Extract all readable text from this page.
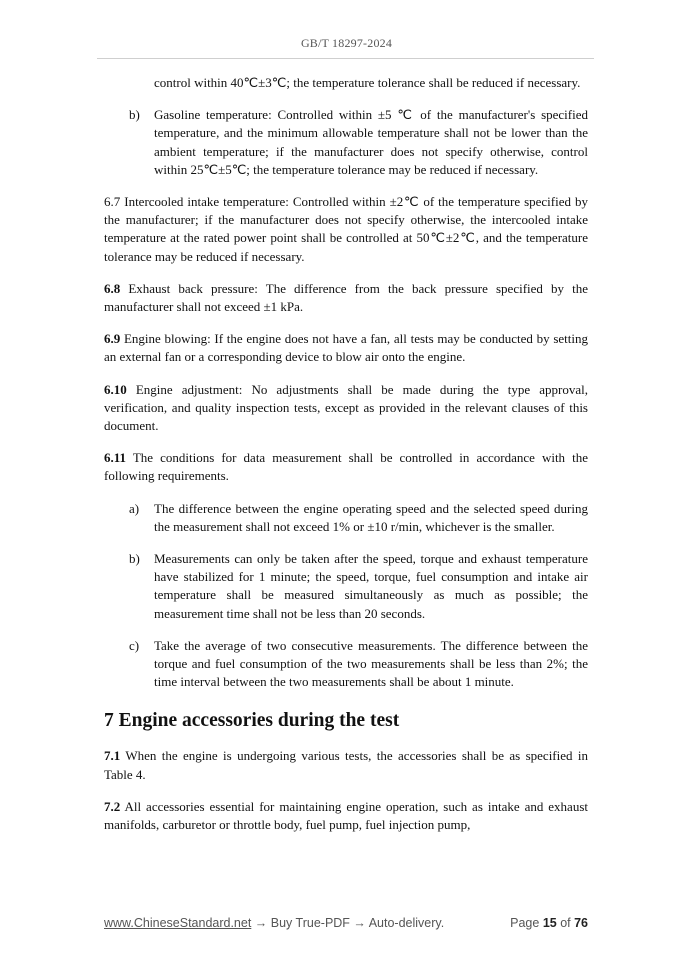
GB/T 18297-2024
control within 40℃±3℃; the temperature tolerance shall be reduced if necessary.
b) Gasoline temperature: Controlled within ±5 ℃ of the manufacturer's specified temperature, and the minimum allowable temperature shall not be lower than the ambient temperature; if the manufacturer does not specify otherwise, control within 25℃±5℃; the temperature tolerance may be reduced if necessary.
6.7 Intercooled intake temperature: Controlled within ±2℃ of the temperature specified by the manufacturer; if the manufacturer does not specify otherwise, the intercooled intake temperature at the rated power point shall be controlled at 50℃±2℃, and the temperature tolerance may be reduced if necessary.
6.8 Exhaust back pressure: The difference from the back pressure specified by the manufacturer shall not exceed ±1 kPa.
6.9 Engine blowing: If the engine does not have a fan, all tests may be conducted by setting an external fan or a corresponding device to blow air onto the engine.
6.10 Engine adjustment: No adjustments shall be made during the type approval, verification, and quality inspection tests, except as provided in the relevant clauses of this document.
6.11 The conditions for data measurement shall be controlled in accordance with the following requirements.
a) The difference between the engine operating speed and the selected speed during the measurement shall not exceed 1% or ±10 r/min, whichever is the smaller.
b) Measurements can only be taken after the speed, torque and exhaust temperature have stabilized for 1 minute; the speed, torque, fuel consumption and intake air temperature shall be measured simultaneously as much as possible; the measurement time shall not be less than 20 seconds.
c) Take the average of two consecutive measurements. The difference between the torque and fuel consumption of the two measurements shall be less than 2%; the time interval between the two measurements shall be about 1 minute.
7 Engine accessories during the test
7.1 When the engine is undergoing various tests, the accessories shall be as specified in Table 4.
7.2 All accessories essential for maintaining engine operation, such as intake and exhaust manifolds, carburetor or throttle body, fuel pump, fuel injection pump,
www.ChineseStandard.net → Buy True-PDF → Auto-delivery.	Page 15 of 76
